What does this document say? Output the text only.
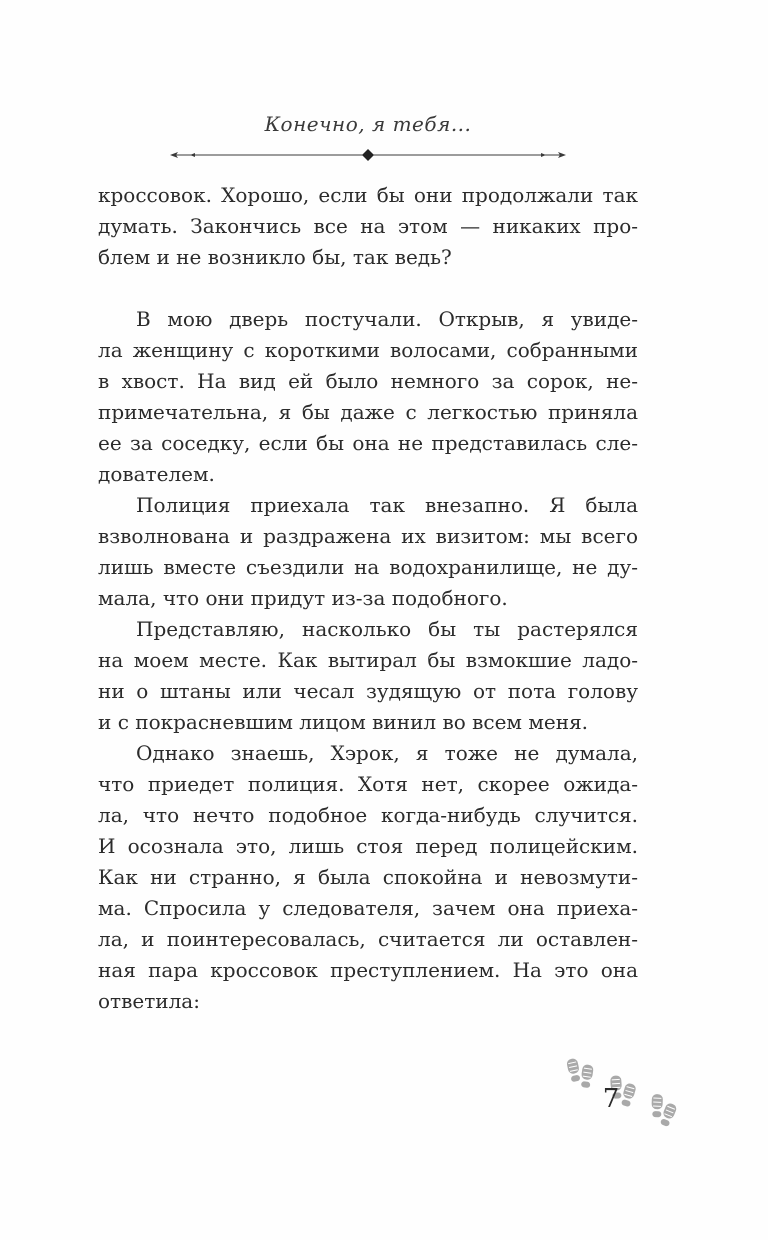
Конечно, я тебя...
кроссовок. Хорошо, если бы они продолжали так
думать. Закончись все на этом — никаких про-
блем и не возникло бы, так ведь?
В мою дверь постучали. Открыв, я увиде-
ла женщину с короткими волосами, собранными
в хвост. На вид ей было немного за сорок, не-
примечательна, я бы даже с легкостью приняла
ее за соседку, если бы она не представилась сле-
дователем.
Полиция приехала так внезапно. Я была
взволнована и раздражена их визитом: мы всего
лишь вместе съездили на водохранилище, не ду-
мала, что они придут из-за подобного.
Представляю, насколько бы ты растерялся
на моем месте. Как вытирал бы взмокшие ладо-
ни о штаны или чесал зудящую от пота голову
и с покрасневшим лицом винил во всем меня.
Однако знаешь, Хэрок, я тоже не думала,
что приедет полиция. Хотя нет, скорее ожида-
ла, что нечто подобное когда-нибудь случится.
И осознала это, лишь стоя перед полицейским.
Как ни странно, я была спокойна и невозмути-
ма. Спросила у следователя, зачем она приеха-
ла, и поинтересовалась, считается ли оставлен-
ная пара кроссовок преступлением. На это она
ответила:
7
